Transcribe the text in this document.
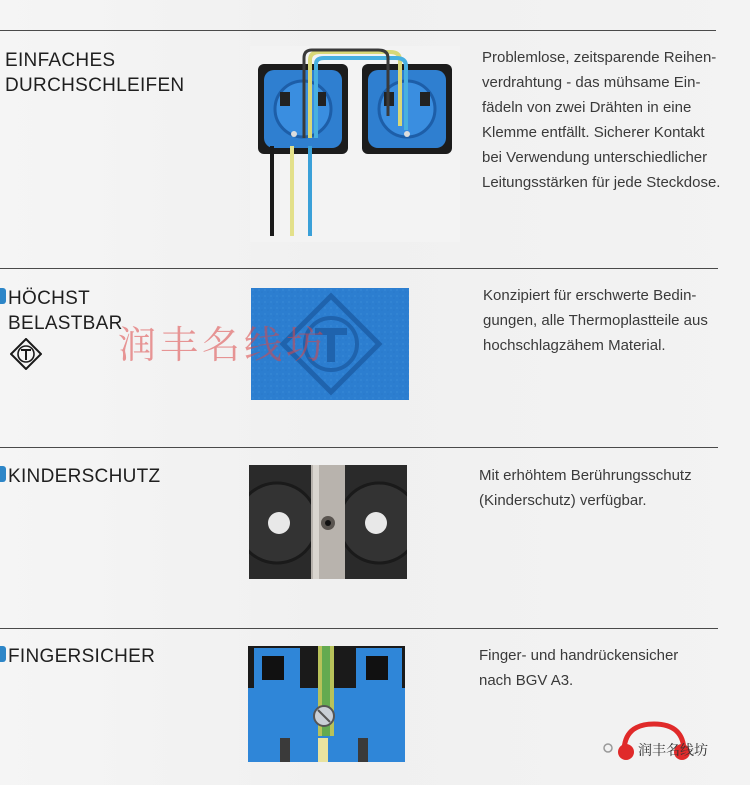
EINFACHES
DURCHSCHLEIFEN
Problemlose, zeitsparende Reihen-
verdrahtung - das mühsame Ein-
fädeln von zwei Drähten in eine
Klemme entfällt. Sicherer Kontakt
bei Verwendung unterschiedlicher
Leitungsstärken für jede Steckdose.
HÖCHST
BELASTBAR
Konzipiert für erschwerte Bedin-
gungen, alle Thermoplastteile aus
hochschlagzähem Material.
KINDERSCHUTZ	Mit erhöhtem Berührungsschutz
(Kinderschutz) verfügbar.
FINGERSICHER	Finger- und handrückensicher
nach BGV A3.
润丰名线坊
润丰名线坊
